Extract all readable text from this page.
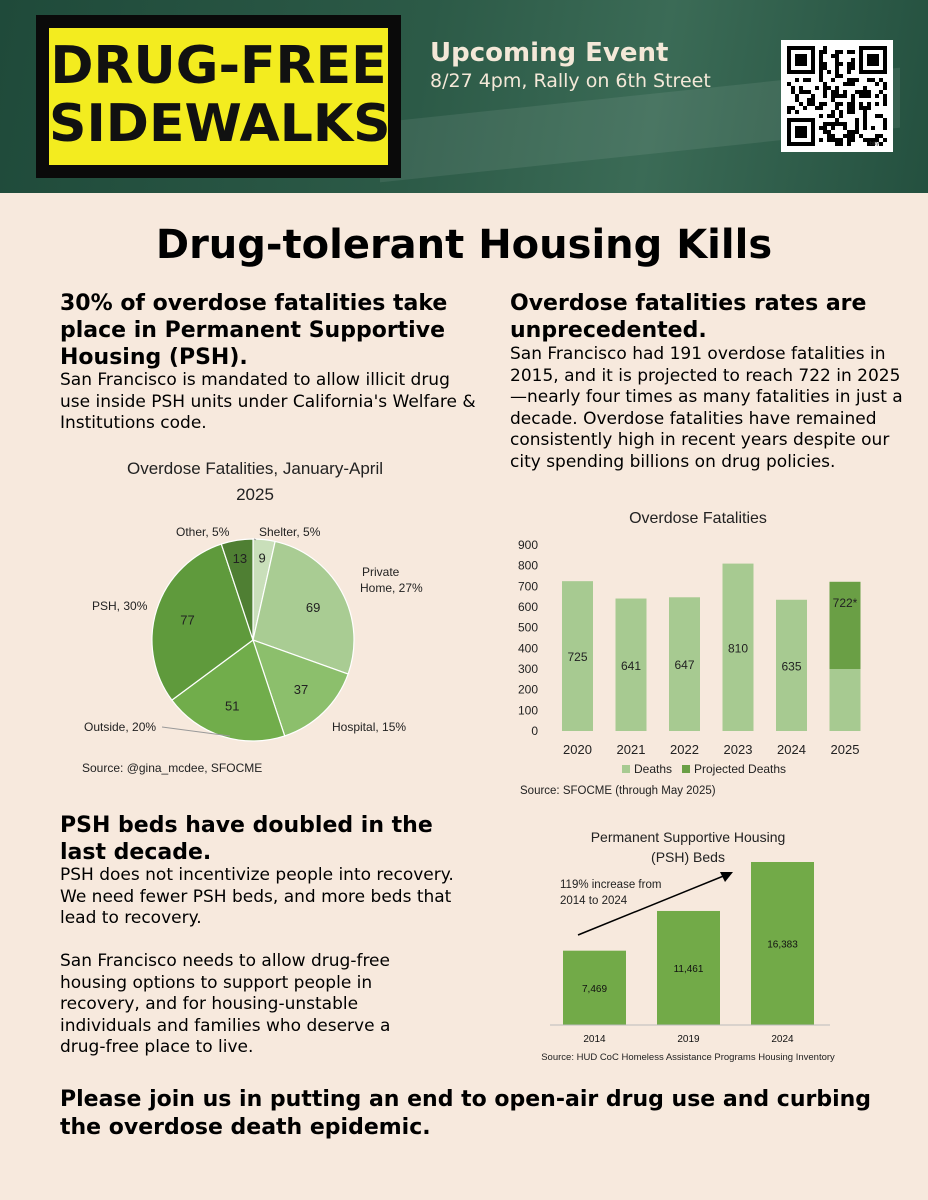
DRUG-FREE
SIDEWALKS
Upcoming Event
8/27 4pm, Rally on 6th Street
bitly
Drug-tolerant Housing Kills
30% of overdose fatalities take place in Permanent Supportive Housing (PSH).
San Francisco is mandated to allow illicit drug use inside PSH units under California's Welfare & Institutions code.
Overdose fatalities rates are unprecedented.
San Francisco had 191 overdose fatalities in 2015, and it is projected to reach 722 in 2025—nearly four times as many fatalities in just a decade. Overdose fatalities have remained consistently high in recent years despite our city spending billions on drug policies.
Overdose Fatalities, January-April
2025
9
69
37
51
77
13
Shelter, 5%
Private
Home, 27%
Hospital, 15%
Outside, 20%
PSH, 30%
Other, 5%
Source: @gina_mcdee, SFOCME
Overdose Fatalities
0
100
200
300
400
500
600
700
800
900
725
641	647
810
635
722*
2020 2021 2022 2023 2024 2025
Deaths Projected Deaths
Source: SFOCME (through May 2025)
PSH beds have doubled in the last decade.
PSH does not incentivize people into recovery. We need fewer PSH beds, and more beds that lead to recovery.
San Francisco needs to allow drug-free housing options to support people in recovery, and for housing-unstable individuals and families who deserve a drug-free place to live.
Permanent Supportive Housing
(PSH) Beds
119% increase from
2014 to 2024
7,469
11,461
16,383
2014	2019	2024
Source: HUD CoC Homeless Assistance Programs Housing Inventory
Please join us in putting an end to open-air drug use and curbing the overdose death epidemic.
